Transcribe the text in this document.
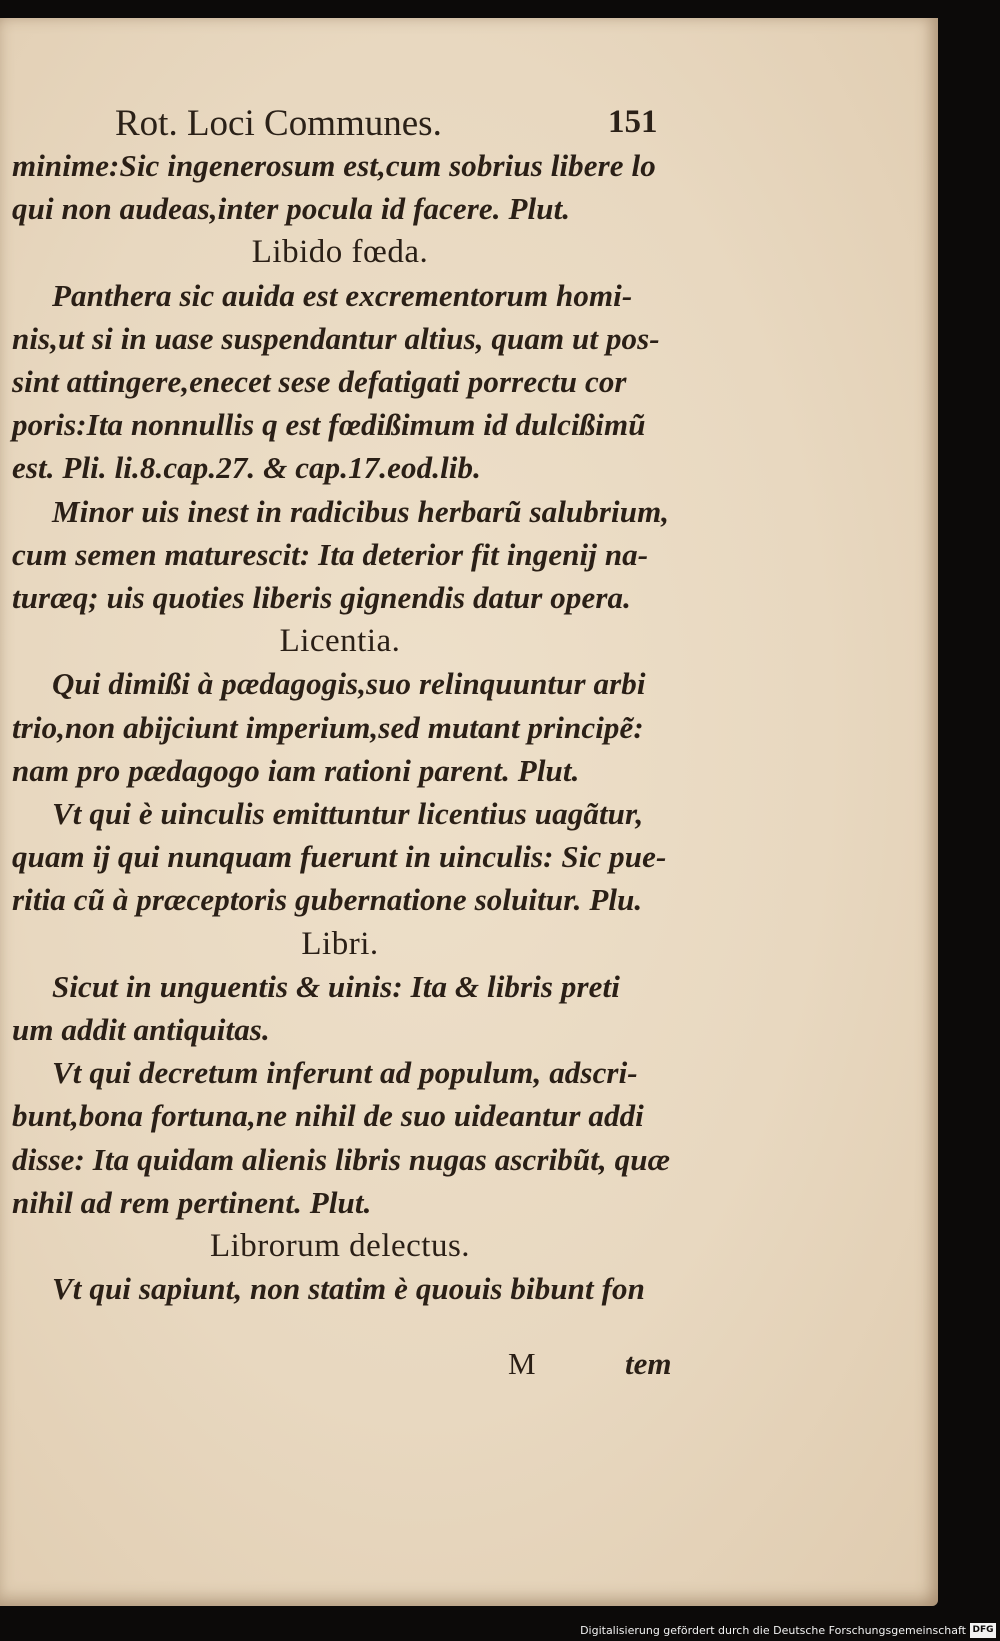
Rot. Loci Communes.	151
minime:Sic ingenerosum est,cum sobrius libere lo
qui non audeas,inter pocula id facere. Plut.
Libido fœda.
Panthera sic auida est excrementorum homi-
nis,ut si in uase suspendantur altius, quam ut pos-
sint attingere,enecet sese defatigati porrectu cor
poris:Ita nonnullis q est fœdißimum id dulcißimũ
est. Pli. li.8.cap.27. & cap.17.eod.lib.
Minor uis inest in radicibus herbarũ salubrium,
cum semen maturescit: Ita deterior fit ingenij na-
turæq; uis quoties liberis gignendis datur opera.
Licentia.
Qui dimißi à pædagogis,suo relinquuntur arbi
trio,non abijciunt imperium,sed mutant principẽ:
nam pro pædagogo iam rationi parent. Plut.
Vt qui è uinculis emittuntur licentius uagãtur,
quam ij qui nunquam fuerunt in uinculis: Sic pue-
ritia cũ à præceptoris gubernatione soluitur. Plu.
Libri.
Sicut in unguentis & uinis: Ita & libris preti
um addit antiquitas.
Vt qui decretum inferunt ad populum, adscri-
bunt,bona fortuna,ne nihil de suo uideantur addi
disse: Ita quidam alienis libris nugas ascribũt, quæ
nihil ad rem pertinent. Plut.
Librorum delectus.
Vt qui sapiunt, non statim è quouis bibunt fon
M	tem
Digitalisierung gefördert durch die Deutsche Forschungsgemeinschaft DFG
